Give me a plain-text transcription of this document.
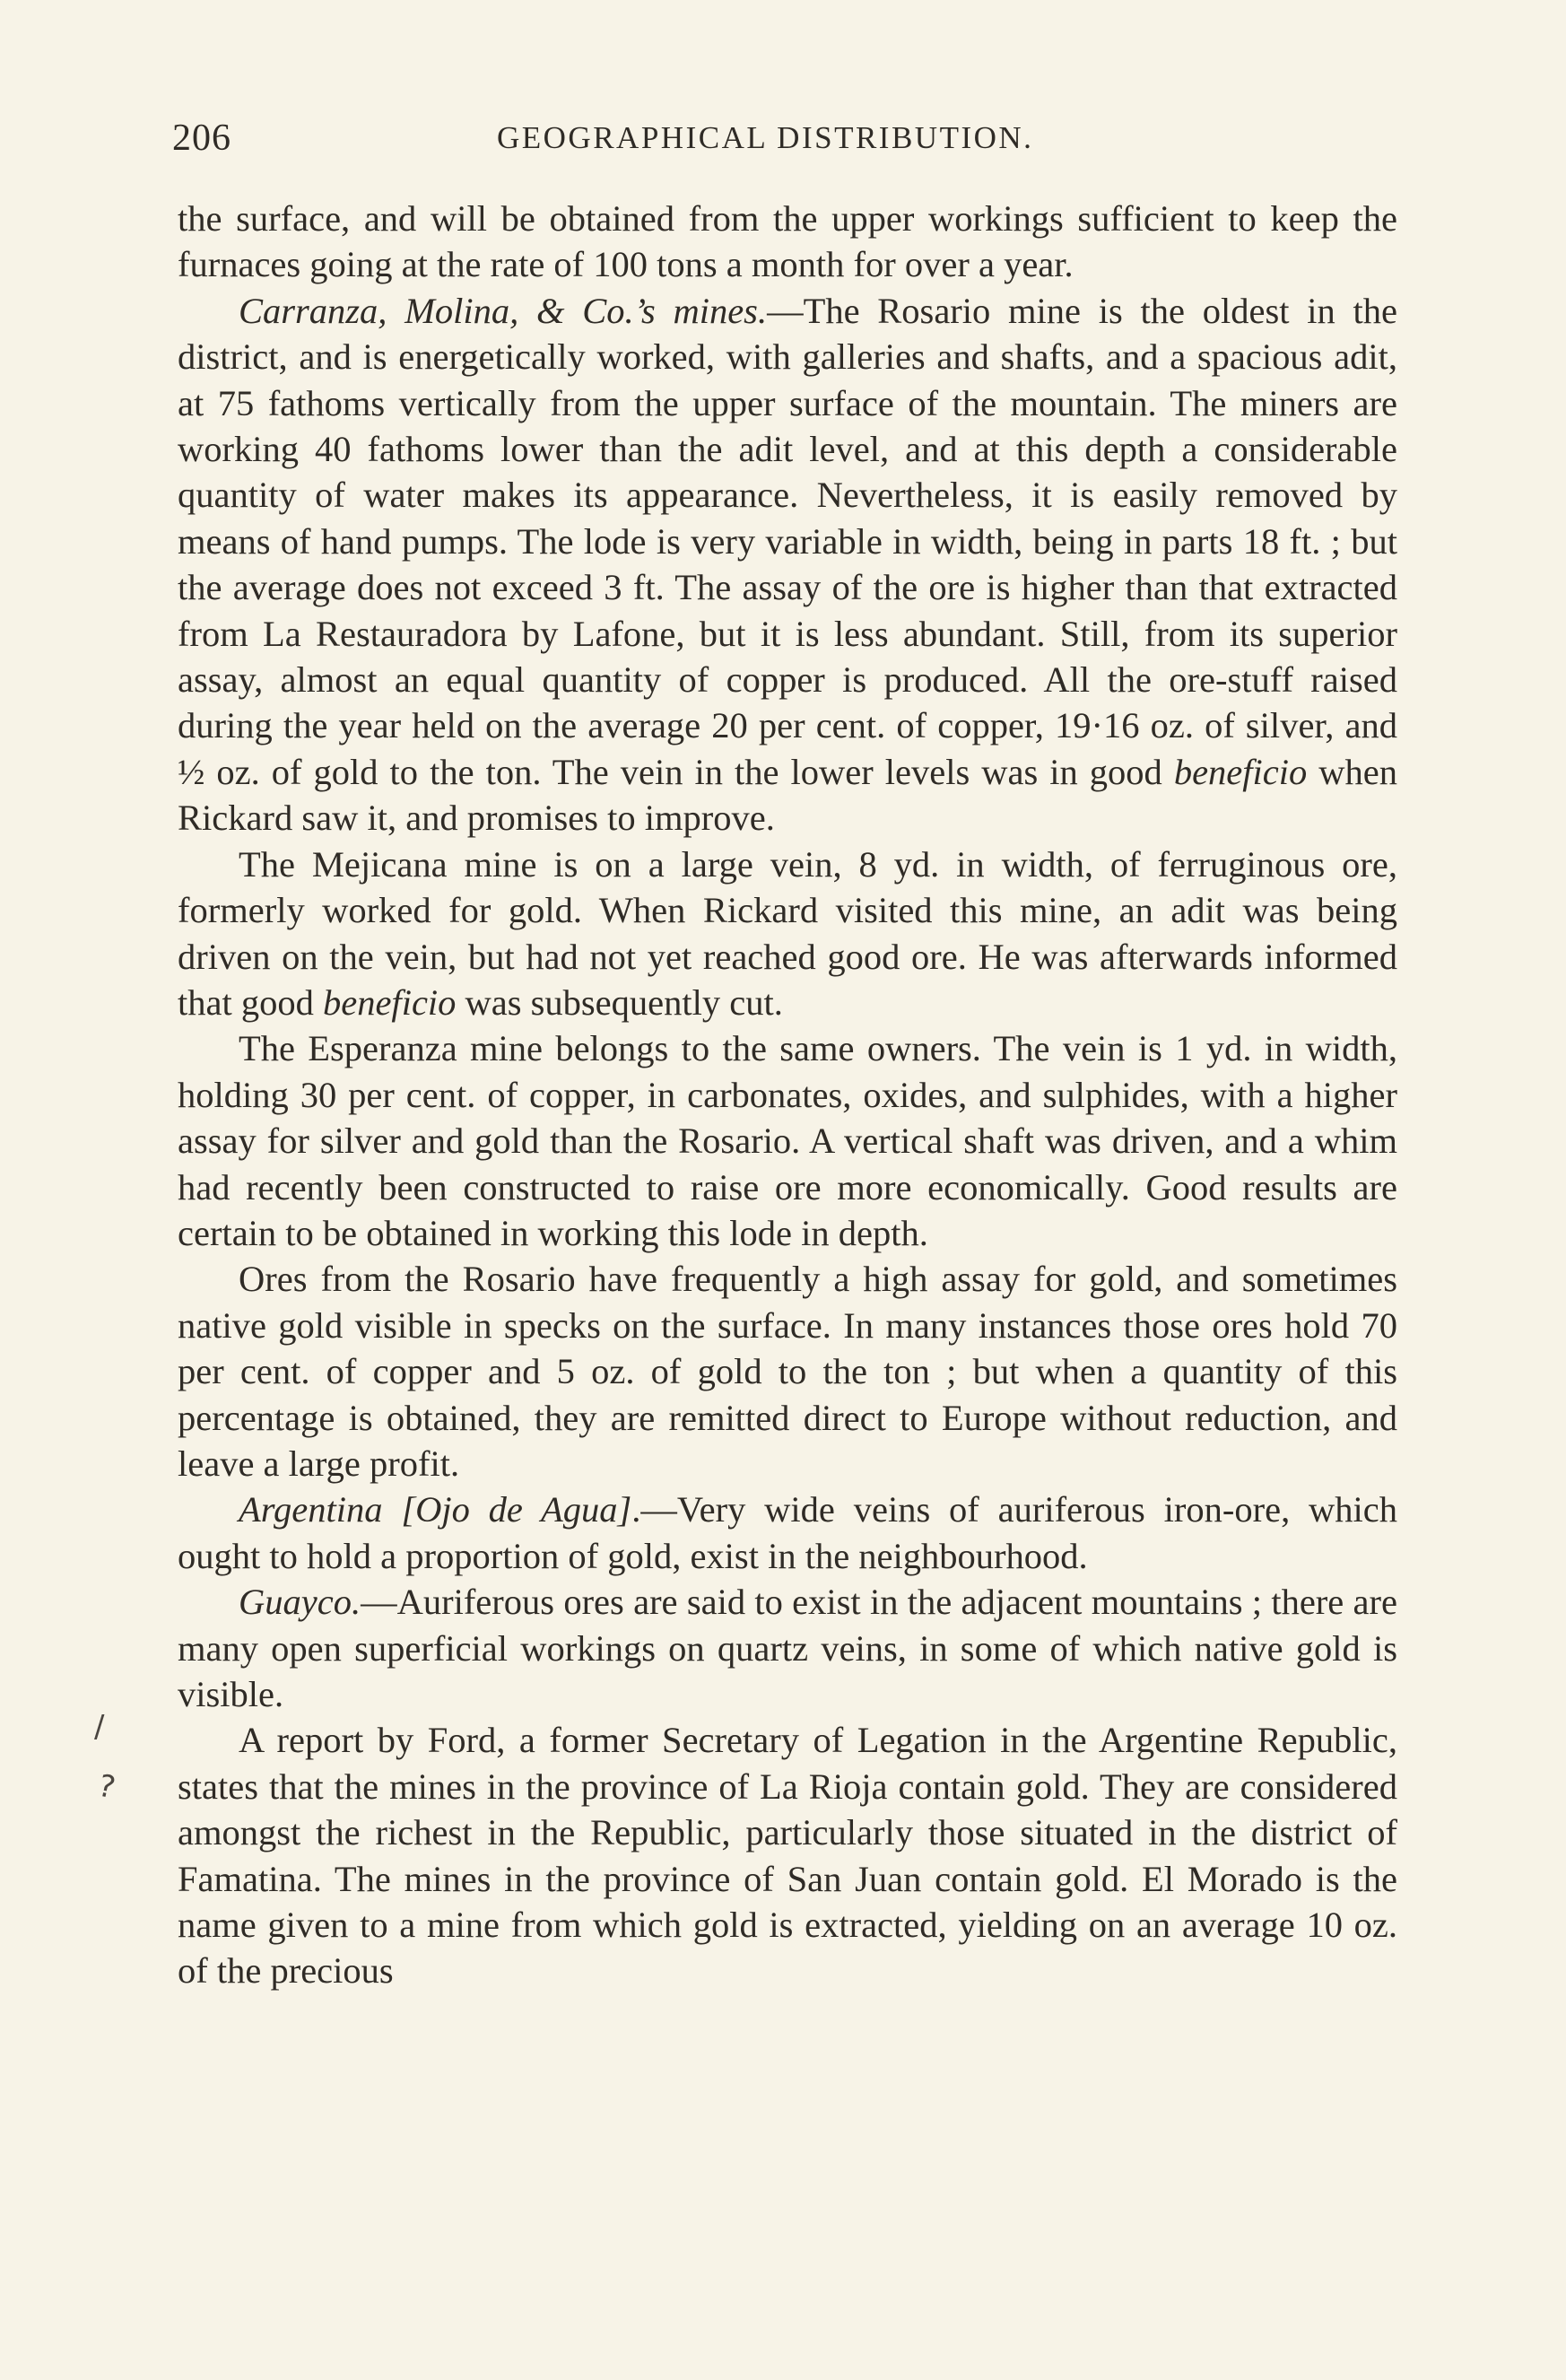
206	GEOGRAPHICAL DISTRIBUTION.

the surface, and will be obtained from the upper workings sufficient to keep the furnaces going at the rate of 100 tons a month for over a year.

Carranza, Molina, & Co.’s mines.—The Rosario mine is the oldest in the district, and is energetically worked, with galleries and shafts, and a spacious adit, at 75 fathoms vertically from the upper surface of the mountain. The miners are working 40 fathoms lower than the adit level, and at this depth a considerable quantity of water makes its appearance. Nevertheless, it is easily removed by means of hand pumps. The lode is very variable in width, being in parts 18 ft. ; but the average does not exceed 3 ft. The assay of the ore is higher than that extracted from La Restauradora by Lafone, but it is less abundant. Still, from its superior assay, almost an equal quantity of copper is produced. All the ore-stuff raised during the year held on the average 20 per cent. of copper, 19·16 oz. of silver, and ½ oz. of gold to the ton. The vein in the lower levels was in good beneficio when Rickard saw it, and promises to improve.

The Mejicana mine is on a large vein, 8 yd. in width, of ferruginous ore, formerly worked for gold. When Rickard visited this mine, an adit was being driven on the vein, but had not yet reached good ore. He was afterwards informed that good beneficio was subsequently cut.

The Esperanza mine belongs to the same owners. The vein is 1 yd. in width, holding 30 per cent. of copper, in carbonates, oxides, and sulphides, with a higher assay for silver and gold than the Rosario. A vertical shaft was driven, and a whim had recently been constructed to raise ore more economically. Good results are certain to be obtained in working this lode in depth.

Ores from the Rosario have frequently a high assay for gold, and sometimes native gold visible in specks on the surface. In many instances those ores hold 70 per cent. of copper and 5 oz. of gold to the ton ; but when a quantity of this percentage is obtained, they are remitted direct to Europe without reduction, and leave a large profit.

Argentina [Ojo de Agua].—Very wide veins of auriferous iron-ore, which ought to hold a proportion of gold, exist in the neighbourhood.

Guayco.—Auriferous ores are said to exist in the adjacent mountains ; there are many open superficial workings on quartz veins, in some of which native gold is visible.

A report by Ford, a former Secretary of Legation in the Argentine Republic, states that the mines in the province of La Rioja contain gold. They are considered amongst the richest in the Republic, particularly those situated in the district of Famatina. The mines in the province of San Juan contain gold. El Morado is the name given to a mine from which gold is extracted, yielding on an average 10 oz. of the precious

/
?
